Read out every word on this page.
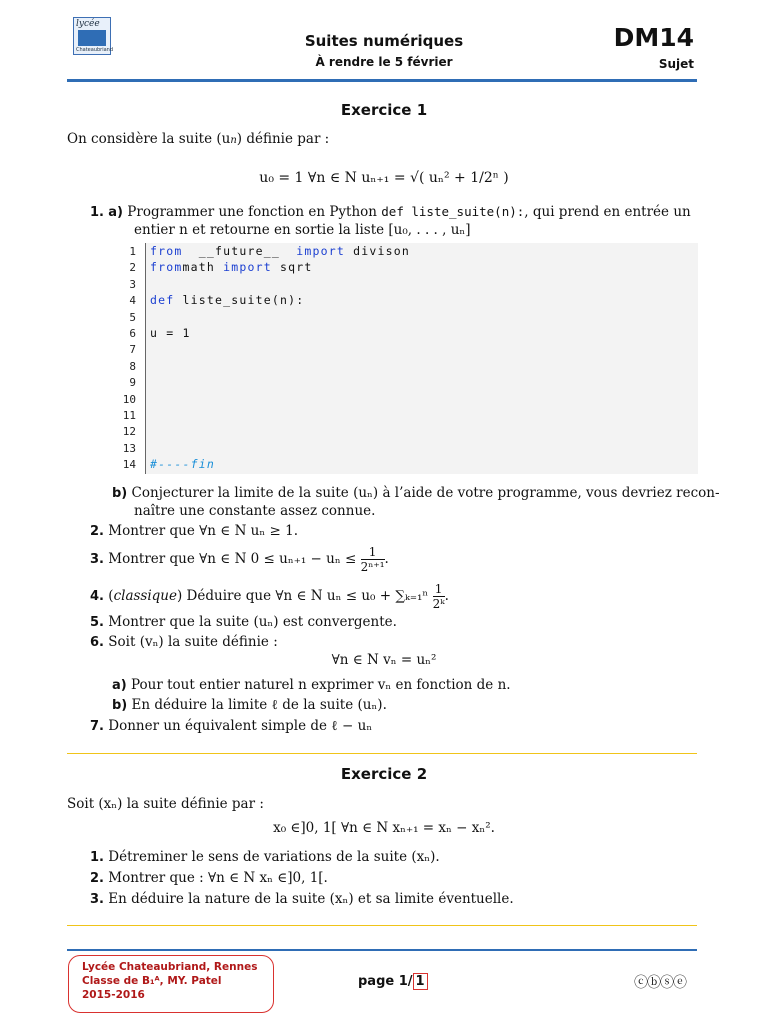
lycée
Chateaubriand	Suites numériques
À rendre le 5 février
DM14
Sujet
Exercice 1
On considère la suite (un) définie par :
u₀ = 1 ∀n ∈ N uₙ₊₁ = √( uₙ² + 1/2ⁿ )
1. a) Programmer une fonction en Python def liste_suite(n):, qui prend en entrée un
entier n et retourne en sortie la liste [u₀, . . . , uₙ]
1 from  __future__  import divison
2 frommath import sqrt
3
4 def liste_suite(n):
5
6 u = 1
7
8
9
10
11
12
13
14 #----fin
b) Conjecturer la limite de la suite (uₙ) à l’aide de votre programme, vous devriez recon-
naître une constante assez connue.
2. Montrer que ∀n ∈ N uₙ ≥ 1.
3. Montrer que ∀n ∈ N $0 \le u_{n+1} - u_n \le \frac{1}{\text{2ⁿ⁺¹}}$ .
4. (classique) Déduire que ∀n ∈ N $u_n \le u_0 + \sum_{k=1}^n \frac{1}{\text{2ᵏ}}$ .
5. Montrer que la suite (uₙ) est convergente.
6. Soit (vₙ) la suite définie :
∀n ∈ N vₙ = uₙ²
a) Pour tout entier naturel n exprimer vₙ en fonction de n.
b) En déduire la limite ℓ de la suite (uₙ).
7. Donner un équivalent simple de ℓ − uₙ
Exercice 2
Soit (xₙ) la suite définie par :
x₀ ∈]0, 1[ ∀n ∈ N xₙ₊₁ = xₙ − xₙ².
1. Détreminer le sens de variations de la suite (xₙ).
2. Montrer que : ∀n ∈ N xₙ ∈]0, 1[.
3. En déduire la nature de la suite (xₙ) et sa limite éventuelle.
Lycée Chateaubriand, Rennes
Classe de B₁ᴬ, MY. Patel
2015-2016
page 1/ 1	ⓒⓑⓢⓔ
